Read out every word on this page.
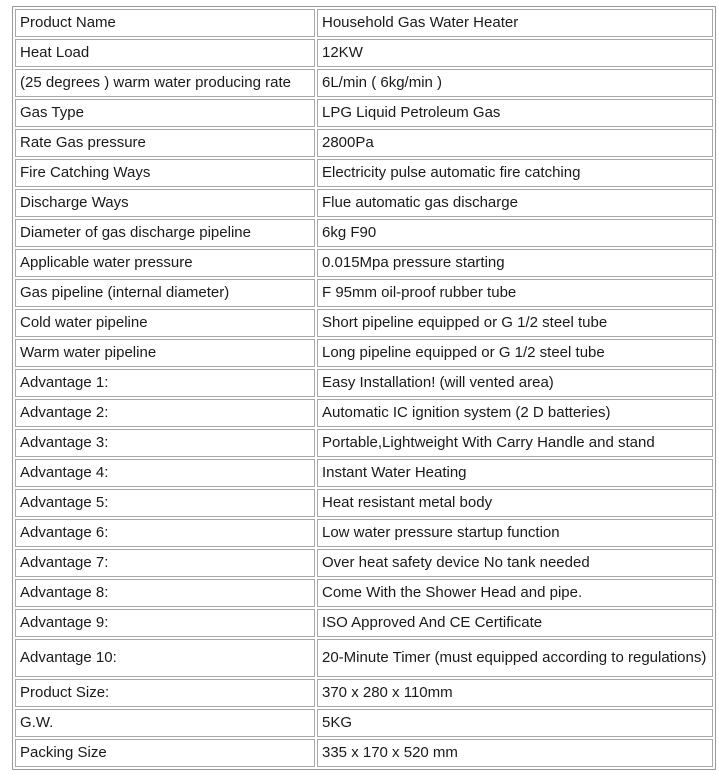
Product Name	Household Gas Water Heater
Heat Load	12KW
(25 degrees ) warm water producing rate	6L/min ( 6kg/min )
Gas Type	LPG Liquid Petroleum Gas
Rate Gas pressure	2800Pa
Fire Catching Ways	Electricity pulse automatic fire catching
Discharge Ways	Flue automatic gas discharge
Diameter of gas discharge pipeline	6kg F90
Applicable water pressure	0.015Mpa pressure starting
Gas pipeline (internal diameter)	F 95mm oil-proof rubber tube
Cold water pipeline	Short pipeline equipped or G 1/2 steel tube
Warm water pipeline	Long pipeline equipped or G 1/2 steel tube
Advantage 1:	Easy Installation! (will vented area)
Advantage 2:	Automatic IC ignition system (2 D batteries)
Advantage 3:	Portable,Lightweight With Carry Handle and stand
Advantage 4:	Instant Water Heating
Advantage 5:	Heat resistant metal body
Advantage 6:	Low water pressure startup function
Advantage 7:	Over heat safety device No tank needed
Advantage 8:	Come With the Shower Head and pipe.
Advantage 9:	ISO Approved And CE Certificate
Advantage 10:	20-Minute Timer (must equipped according to regulations)
Product Size:	370 x 280 x 110mm
G.W.	5KG
Packing Size	335 x 170 x 520 mm
